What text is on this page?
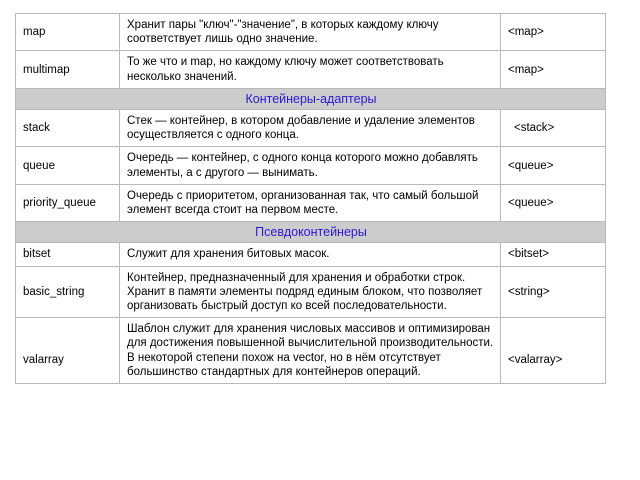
map	Хранит пары "ключ"-"значение", в которых каждому ключу соответствует лишь одно значение.	<map>
multimap	То же что и map, но каждому ключу может соответствовать несколько значений.	<map>
Контейнеры-адаптеры		
stack	Стек — контейнер, в котором добавление и удаление элементов осуществляется с одного конца.	<stack>
queue	Очередь — контейнер, с одного конца которого можно добавлять элементы, а с другого — вынимать.	<queue>
priority_queue	Очередь с приоритетом, организованная так, что самый большой элемент всегда стоит на первом месте.	<queue>
Псевдоконтейнеры		
bitset	Служит для хранения битовых масок.	<bitset>
basic_string	Контейнер, предназначенный для хранения и обработки строк. Хранит в памяти элементы подряд единым блоком, что позволяет организовать быстрый доступ ко всей последовательности.	<string>
valarray	Шаблон служит для хранения числовых массивов и оптимизирован для достижения повышенной вычислительной производительности. В некоторой степени похож на vector, но в нём отсутствует большинство стандартных для контейнеров операций.	<valarray>
